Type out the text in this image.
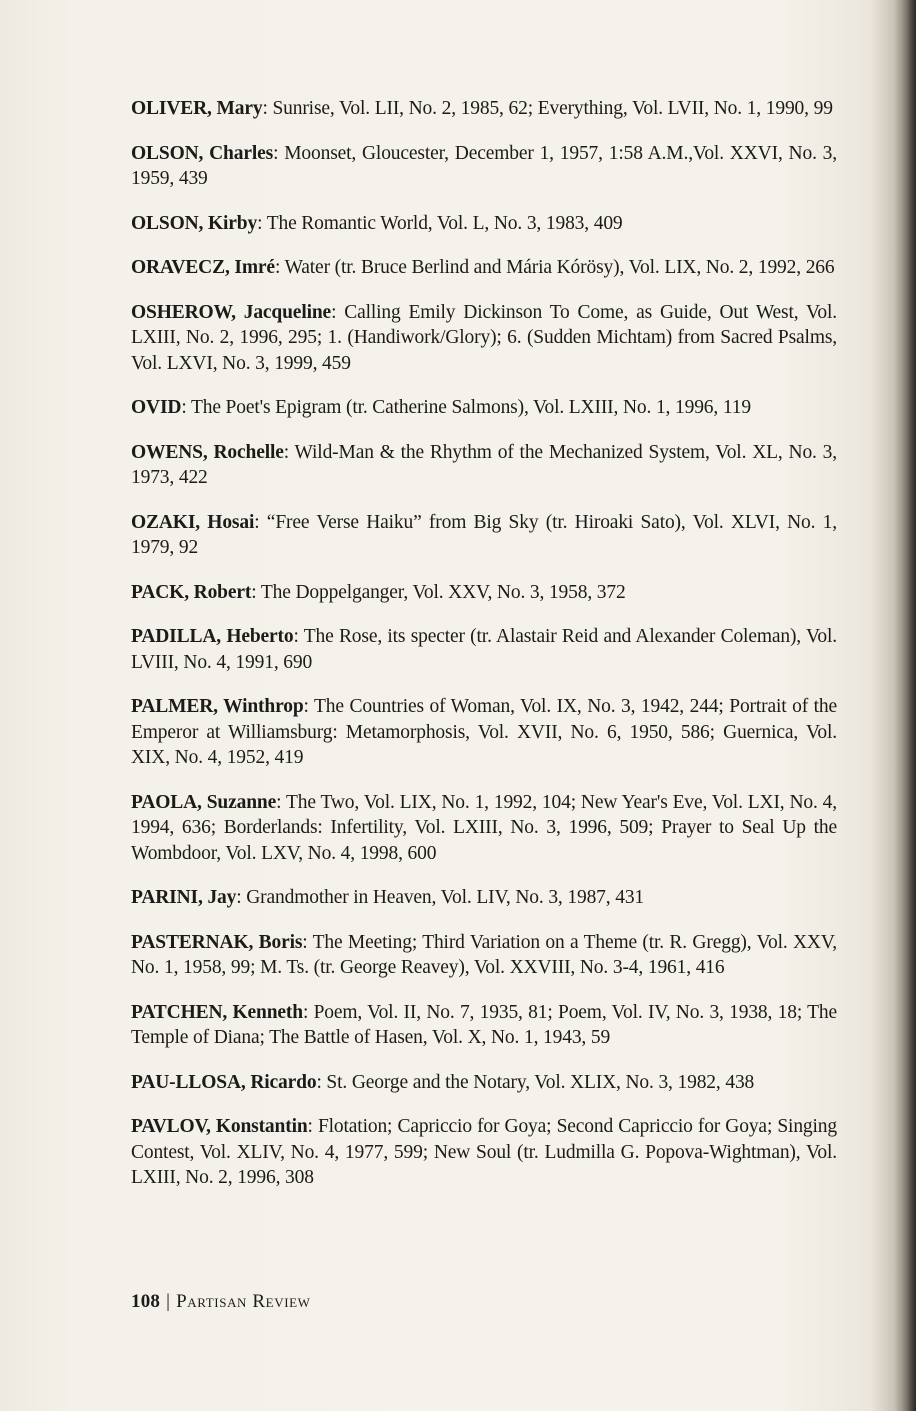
OLIVER, Mary: Sunrise, Vol. LII, No. 2, 1985, 62; Everything, Vol. LVII, No. 1, 1990, 99

OLSON, Charles: Moonset, Gloucester, December 1, 1957, 1:58 A.M.,Vol. XXVI, No. 3, 1959, 439

OLSON, Kirby: The Romantic World, Vol. L, No. 3, 1983, 409

ORAVECZ, Imré: Water (tr. Bruce Berlind and Mária Kórösy), Vol. LIX, No. 2, 1992, 266

OSHEROW, Jacqueline: Calling Emily Dickinson To Come, as Guide, Out West, Vol. LXIII, No. 2, 1996, 295; 1. (Handiwork/Glory); 6. (Sudden Michtam) from Sacred Psalms, Vol. LXVI, No. 3, 1999, 459

OVID: The Poet's Epigram (tr. Catherine Salmons), Vol. LXIII, No. 1, 1996, 119

OWENS, Rochelle: Wild-Man & the Rhythm of the Mechanized System, Vol. XL, No. 3, 1973, 422

OZAKI, Hosai: “Free Verse Haiku” from Big Sky (tr. Hiroaki Sato), Vol. XLVI, No. 1, 1979, 92

PACK, Robert: The Doppelganger, Vol. XXV, No. 3, 1958, 372

PADILLA, Heberto: The Rose, its specter (tr. Alastair Reid and Alexander Coleman), Vol. LVIII, No. 4, 1991, 690

PALMER, Winthrop: The Countries of Woman, Vol. IX, No. 3, 1942, 244; Portrait of the Emperor at Williamsburg: Metamorphosis, Vol. XVII, No. 6, 1950, 586; Guernica, Vol. XIX, No. 4, 1952, 419

PAOLA, Suzanne: The Two, Vol. LIX, No. 1, 1992, 104; New Year's Eve, Vol. LXI, No. 4, 1994, 636; Borderlands: Infertility, Vol. LXIII, No. 3, 1996, 509; Prayer to Seal Up the Wombdoor, Vol. LXV, No. 4, 1998, 600

PARINI, Jay: Grandmother in Heaven, Vol. LIV, No. 3, 1987, 431

PASTERNAK, Boris: The Meeting; Third Variation on a Theme (tr. R. Gregg), Vol. XXV, No. 1, 1958, 99; M. Ts. (tr. George Reavey), Vol. XXVIII, No. 3-4, 1961, 416

PATCHEN, Kenneth: Poem, Vol. II, No. 7, 1935, 81; Poem, Vol. IV, No. 3, 1938, 18; The Temple of Diana; The Battle of Hasen, Vol. X, No. 1, 1943, 59

PAU-LLOSA, Ricardo: St. George and the Notary, Vol. XLIX, No. 3, 1982, 438

PAVLOV, Konstantin: Flotation; Capriccio for Goya; Second Capriccio for Goya; Singing Contest, Vol. XLIV, No. 4, 1977, 599; New Soul (tr. Ludmilla G. Popova-Wightman), Vol. LXIII, No. 2, 1996, 308

108 | Partisan Review
